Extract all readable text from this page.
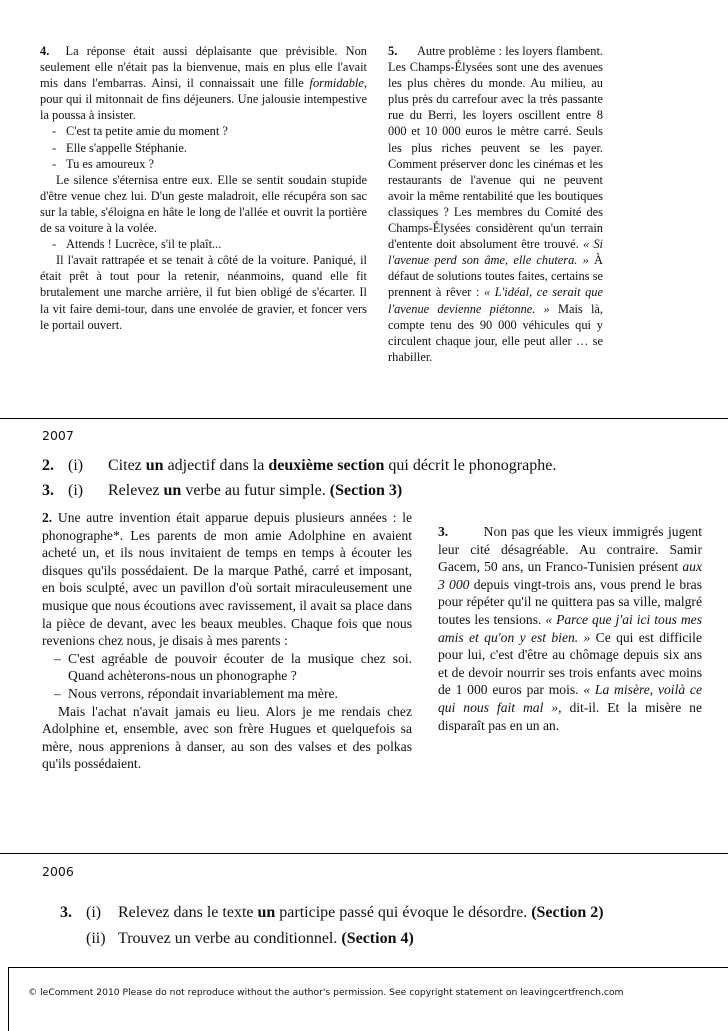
4. La réponse était aussi déplaisante que prévisible. Non seulement elle n'était pas la bienvenue, mais en plus elle l'avait mis dans l'embarras. Ainsi, il connaissait une fille formidable, pour qui il mitonnait de fins déjeuners. Une jalousie intempestive la poussa à insister.

- C'est ta petite amie du moment ?

- Elle s'appelle Stéphanie.

- Tu es amoureux ?

Le silence s'éternisa entre eux. Elle se sentit soudain stupide d'être venue chez lui. D'un geste maladroit, elle récupéra son sac sur la table, s'éloigna en hâte le long de l'allée et ouvrit la portière de sa voiture à la volée.

- Attends ! Lucrèce, s'il te plaît...

Il l'avait rattrapée et se tenait à côté de la voiture. Paniqué, il était prêt à tout pour la retenir, néanmoins, quand elle fit brutalement une marche arrière, il fut bien obligé de s'écarter. Il la vit faire demi-tour, dans une envolée de gravier, et foncer vers le portail ouvert.

5. Autre problème : les loyers flambent. Les Champs-Élysées sont une des avenues les plus chères du monde. Au milieu, au plus près du carrefour avec la très passante rue du Berri, les loyers oscillent entre 8 000 et 10 000 euros le mètre carré. Seuls les plus riches peuvent se les payer. Comment préserver donc les cinémas et les restaurants de l'avenue qui ne peuvent avoir la même rentabilité que les boutiques classiques ? Les membres du Comité des Champs-Élysées considèrent qu'un terrain d'entente doit absolument être trouvé. « Si l'avenue perd son âme, elle chutera. » À défaut de solutions toutes faites, certains se prennent à rêver : « L'idéal, ce serait que l'avenue devienne piétonne. » Mais là, compte tenu des 90 000 véhicules qui y circulent chaque jour, elle peut aller … se rhabiller.

2007
2. (i) Citez un adjectif dans la deuxième section qui décrit le phonographe.
3. (i) Relevez un verbe au futur simple. (Section 3)

2. Une autre invention était apparue depuis plusieurs années : le phonographe*. Les parents de mon amie Adolphine en avaient acheté un, et ils nous invitaient de temps en temps à écouter les disques qu'ils possédaient. De la marque Pathé, carré et imposant, en bois sculpté, avec un pavillon d'où sortait miraculeusement une musique que nous écoutions avec ravissement, il avait sa place dans la pièce de devant, avec les beaux meubles. Chaque fois que nous revenions chez nous, je disais à mes parents :

– C'est agréable de pouvoir écouter de la musique chez soi. Quand achèterons-nous un phonographe ?

– Nous verrons, répondait invariablement ma mère.

Mais l'achat n'avait jamais eu lieu. Alors je me rendais chez Adolphine et, ensemble, avec son frère Hugues et quelquefois sa mère, nous apprenions à danser, au son des valses et des polkas qu'ils possédaient.

3.	Non pas que les vieux immigrés jugent leur cité désagréable. Au contraire. Samir Gacem, 50 ans, un Franco-Tunisien présent aux 3 000 depuis vingt-trois ans, vous prend le bras pour répéter qu'il ne quittera pas sa ville, malgré toutes les tensions. « Parce que j'ai ici tous mes amis et qu'on y est bien. » Ce qui est difficile pour lui, c'est d'être au chômage depuis six ans et de devoir nourrir ses trois enfants avec moins de 1 000 euros par mois. « La misère, voilà ce qui nous fait mal », dit-il. Et la misère ne disparaît pas en un an.

2006
3. (i) Relevez dans le texte un participe passé qui évoque le désordre. (Section 2)
(ii) Trouvez un verbe au conditionnel. (Section 4)
© leComment 2010 Please do not reproduce without the author's permission. See copyright statement on leavingcertfrench.com
